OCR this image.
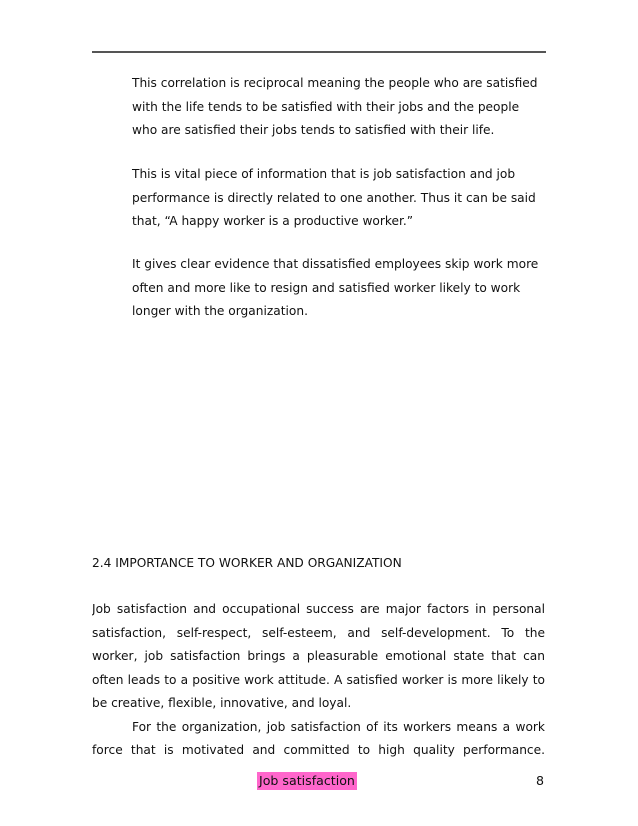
This correlation is reciprocal meaning the people who are satisfied

with the life tends to be satisfied with their jobs and the people

who are satisfied their jobs tends to satisfied with their life.

This is vital piece of information that is job satisfaction and job

performance is directly related to one another. Thus it can be said

that, “A happy worker is a productive worker.”

It gives clear evidence that dissatisfied employees skip work more

often and more like to resign and satisfied worker likely to work

longer with the organization.

2.4 IMPORTANCE TO WORKER AND ORGANIZATION

Job satisfaction and occupational success are major factors in personal

satisfaction, self-respect, self-esteem, and self-development. To the

worker, job satisfaction brings a pleasurable emotional state that can

often leads to a positive work attitude. A satisfied worker is more likely to

be creative, flexible, innovative, and loyal.

For the organization, job satisfaction of its workers means a work

force that is motivated and committed to high quality performance.

Job satisfaction	8
